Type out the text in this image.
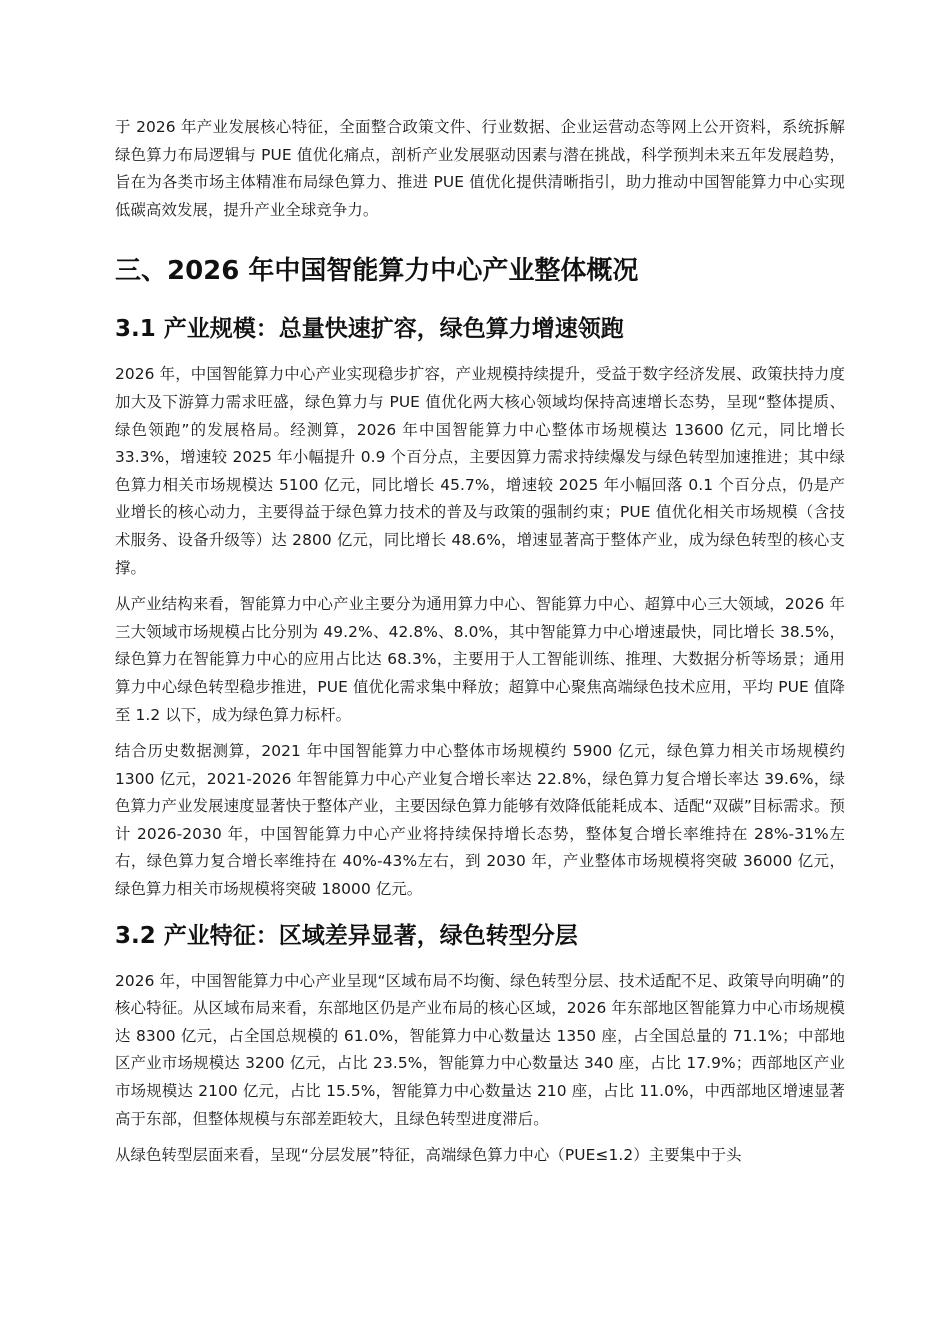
于 2026 年产业发展核心特征，全面整合政策文件、行业数据、企业运营动态等网上公开资料，系统拆解绿色算力布局逻辑与 PUE 值优化痛点，剖析产业发展驱动因素与潜在挑战，科学预判未来五年发展趋势，旨在为各类市场主体精准布局绿色算力、推进 PUE 值优化提供清晰指引，助力推动中国智能算力中心实现低碳高效发展，提升产业全球竞争力。

三、2026 年中国智能算力中心产业整体概况
3.1 产业规模：总量快速扩容，绿色算力增速领跑

2026 年，中国智能算力中心产业实现稳步扩容，产业规模持续提升，受益于数字经济发展、政策扶持力度加大及下游算力需求旺盛，绿色算力与 PUE 值优化两大核心领域均保持高速增长态势，呈现“整体提质、绿色领跑”的发展格局。经测算，2026 年中国智能算力中心整体市场规模达 13600 亿元，同比增长 33.3%，增速较 2025 年小幅提升 0.9 个百分点，主要因算力需求持续爆发与绿色转型加速推进；其中绿色算力相关市场规模达 5100 亿元，同比增长 45.7%，增速较 2025 年小幅回落 0.1 个百分点，仍是产业增长的核心动力，主要得益于绿色算力技术的普及与政策的强制约束；PUE 值优化相关市场规模（含技术服务、设备升级等）达 2800 亿元，同比增长 48.6%，增速显著高于整体产业，成为绿色转型的核心支撑。

从产业结构来看，智能算力中心产业主要分为通用算力中心、智能算力中心、超算中心三大领域，2026 年三大领域市场规模占比分别为 49.2%、42.8%、8.0%，其中智能算力中心增速最快，同比增长 38.5%，绿色算力在智能算力中心的应用占比达 68.3%，主要用于人工智能训练、推理、大数据分析等场景；通用算力中心绿色转型稳步推进，PUE 值优化需求集中释放；超算中心聚焦高端绿色技术应用，平均 PUE 值降至 1.2 以下，成为绿色算力标杆。

结合历史数据测算，2021 年中国智能算力中心整体市场规模约 5900 亿元，绿色算力相关市场规模约 1300 亿元，2021-2026 年智能算力中心产业复合增长率达 22.8%，绿色算力复合增长率达 39.6%，绿色算力产业发展速度显著快于整体产业，主要因绿色算力能够有效降低能耗成本、适配“双碳”目标需求。预计 2026-2030 年，中国智能算力中心产业将持续保持增长态势，整体复合增长率维持在 28%-31%左右，绿色算力复合增长率维持在 40%-43%左右，到 2030 年，产业整体市场规模将突破 36000 亿元，绿色算力相关市场规模将突破 18000 亿元。

3.2 产业特征：区域差异显著，绿色转型分层

2026 年，中国智能算力中心产业呈现“区域布局不均衡、绿色转型分层、技术适配不足、政策导向明确”的核心特征。从区域布局来看，东部地区仍是产业布局的核心区域，2026 年东部地区智能算力中心市场规模达 8300 亿元，占全国总规模的 61.0%，智能算力中心数量达 1350 座，占全国总量的 71.1%；中部地区产业市场规模达 3200 亿元，占比 23.5%，智能算力中心数量达 340 座，占比 17.9%；西部地区产业市场规模达 2100 亿元，占比 15.5%，智能算力中心数量达 210 座，占比 11.0%，中西部地区增速显著高于东部，但整体规模与东部差距较大，且绿色转型进度滞后。

从绿色转型层面来看，呈现“分层发展”特征，高端绿色算力中心（PUE≤1.2）主要集中于头
